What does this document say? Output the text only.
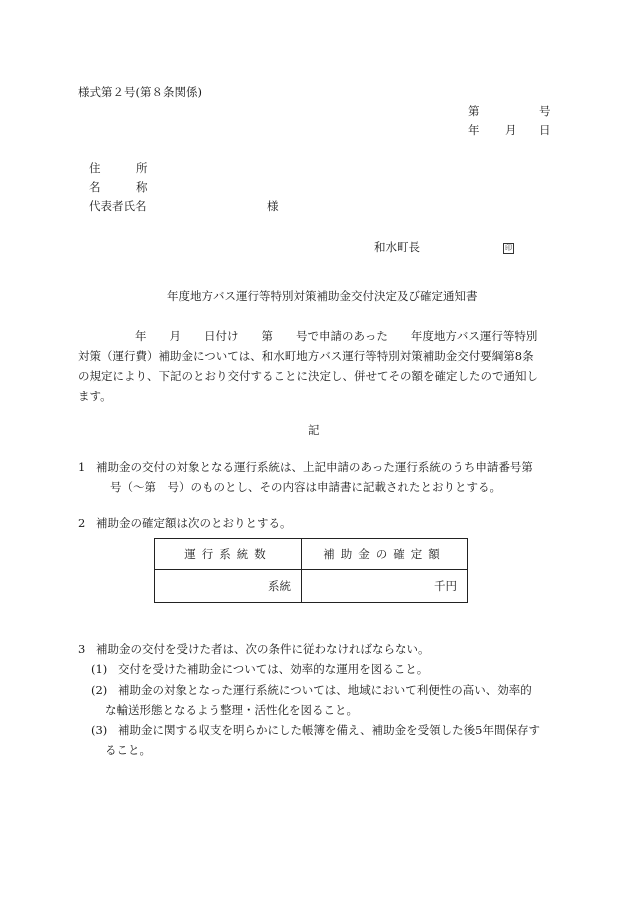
様式第２号(第８条関係)
第	号
年 月 日
住	所
名	称
代表者氏名	様
和水町長	印
年度地方バス運行等特別対策補助金交付決定及び確定通知書
年　　月　　日付け　　第　　号で申請のあった　　年度地方バス運行等特別
対策（運行費）補助金については、和水町地方バス運行等特別対策補助金交付要綱第8条
の規定により、下記のとおり交付することに決定し、併せてその額を確定したので通知し
ます。
記
1 補助金の交付の対象となる運行系統は、上記申請のあった運行系統のうち申請番号第
号（～第　号）のものとし、その内容は申請書に記載されたとおりとする。
2 補助金の確定額は次のとおりとする。
運行系統数	補助金の確定額
系統	千円
3 補助金の交付を受けた者は、次の条件に従わなければならない。
(1) 交付を受けた補助金については、効率的な運用を図ること。
(2) 補助金の対象となった運行系統については、地域において利便性の高い、効率的
な輸送形態となるよう整理・活性化を図ること。
(3) 補助金に関する収支を明らかにした帳簿を備え、補助金を受領した後5年間保存す
ること。
